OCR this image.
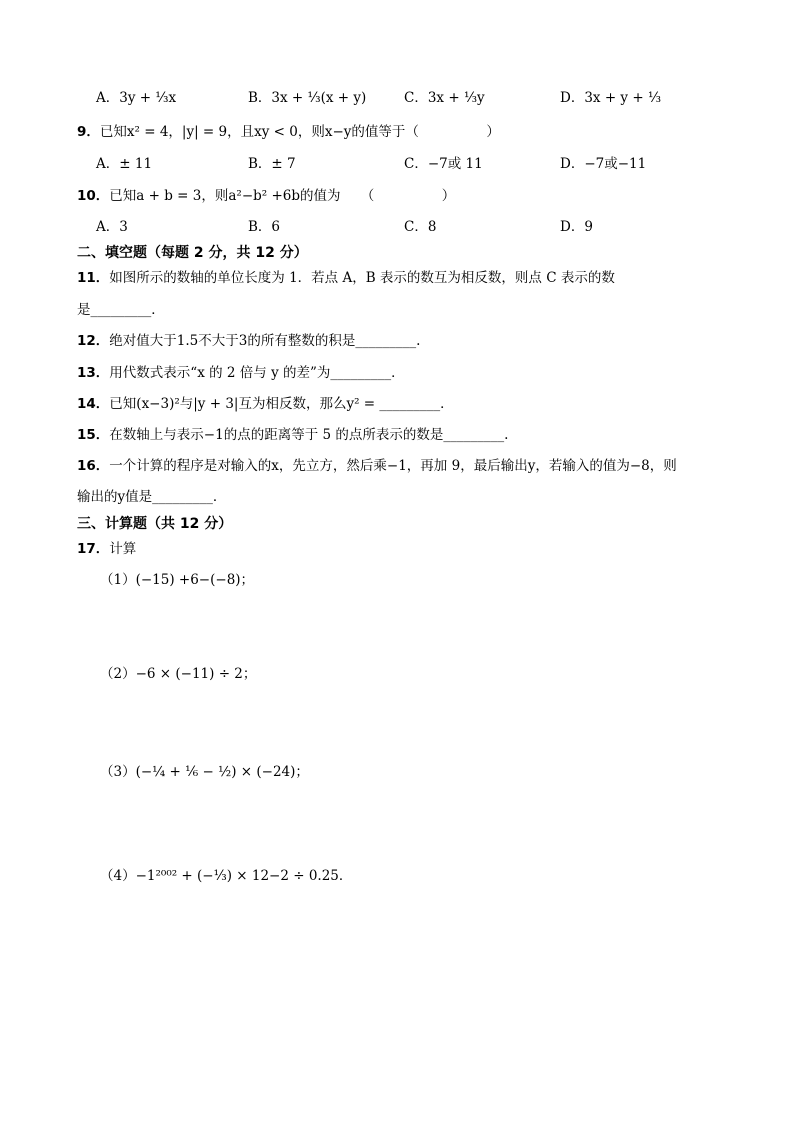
A．3y + ⅓x	B．3x + ⅓(x + y)	C．3x + ⅓y	D．3x + y + ⅓
9．已知x² = 4，|y| = 9，且xy < 0，则x−y的值等于（　　　　　）
A．± 11	B．± 7	C．−7或 11	D．−7或−11
10．已知a + b = 3，则a²−b² +6b的值为　　（　　　　　）
A．3	B．6	C．8	D．9
二、填空题（每题 2 分，共 12 分）
11．如图所示的数轴的单位长度为 1．若点 A，B 表示的数互为相反数，则点 C 表示的数
是_________．
12．绝对值大于1.5不大于3的所有整数的积是_________.
13．用代数式表示“x 的 2 倍与 y 的差”为_________．
14．已知(x−3)²与|y + 3|互为相反数，那么y² = _________．
15．在数轴上与表示−1的点的距离等于 5 的点所表示的数是_________.
16．一个计算的程序是对输入的x，先立方，然后乘−1，再加 9，最后输出y，若输入的值为−8，则
输出的y值是_________．
三、计算题（共 12 分）
17．计算
（1）(−15) +6−(−8)；
（2）−6 × (−11) ÷ 2；
（3）(−¼ + ⅙ − ½) × (−24)；
（4）−1²⁰⁰² + (−⅓) × 12−2 ÷ 0.25．
